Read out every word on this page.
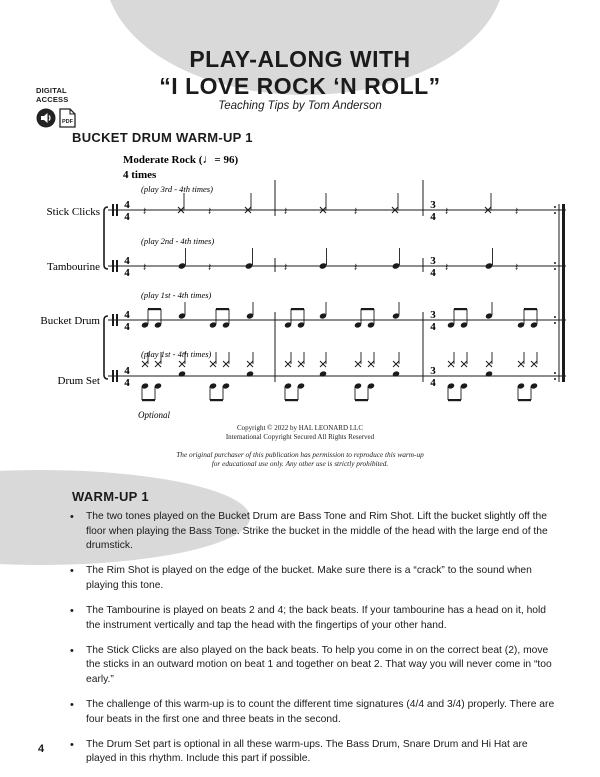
PLAY-ALONG WITH
“I LOVE ROCK ‘N ROLL”
Teaching Tips by Tom Anderson
DIGITAL ACCESS
PDF
BUCKET DRUM WARM-UP 1
Moderate Rock (♩= 96)
4 times
(play 3rd - 4th times)
(play 2nd - 4th times)
(play 1st - 4th times)
(play 1st - 4th times)
Stick Clicks
Tambourine
Bucket Drum
Drum Set
4
4
4
4
4
4
4
4
3
4
3
4
3
4
3
4
𝄽	𝄽	𝄽	𝄽	𝄽	𝄽
𝄽	𝄽	𝄽	𝄽	𝄽	𝄽
Optional
Copyright © 2022 by HAL LEONARD LLC
International Copyright Secured All Rights Reserved
The original purchaser of this publication has permission to reproduce this warm-up
for educational use only. Any other use is strictly prohibited.
WARM-UP 1
• The two tones played on the Bucket Drum are Bass Tone and Rim Shot. Lift the bucket slightly off the floor when playing the Bass Tone. Strike the bucket in the middle of the head with the large end of the drumstick.
• The Rim Shot is played on the edge of the bucket. Make sure there is a “crack” to the sound when playing this tone.
• The Tambourine is played on beats 2 and 4; the back beats. If your tambourine has a head on it, hold the instrument vertically and tap the head with the fingertips of your other hand.
• The Stick Clicks are also played on the back beats. To help you come in on the correct beat (2), move the sticks in an outward motion on beat 1 and together on beat 2. That way you will never come in “too early.”
• The challenge of this warm-up is to count the different time signatures (4/4 and 3/4) properly. There are four beats in the first one and three beats in the second.
• The Drum Set part is optional in all these warm-ups. The Bass Drum, Snare Drum and Hi Hat are played in this rhythm. Include this part if possible.
4
